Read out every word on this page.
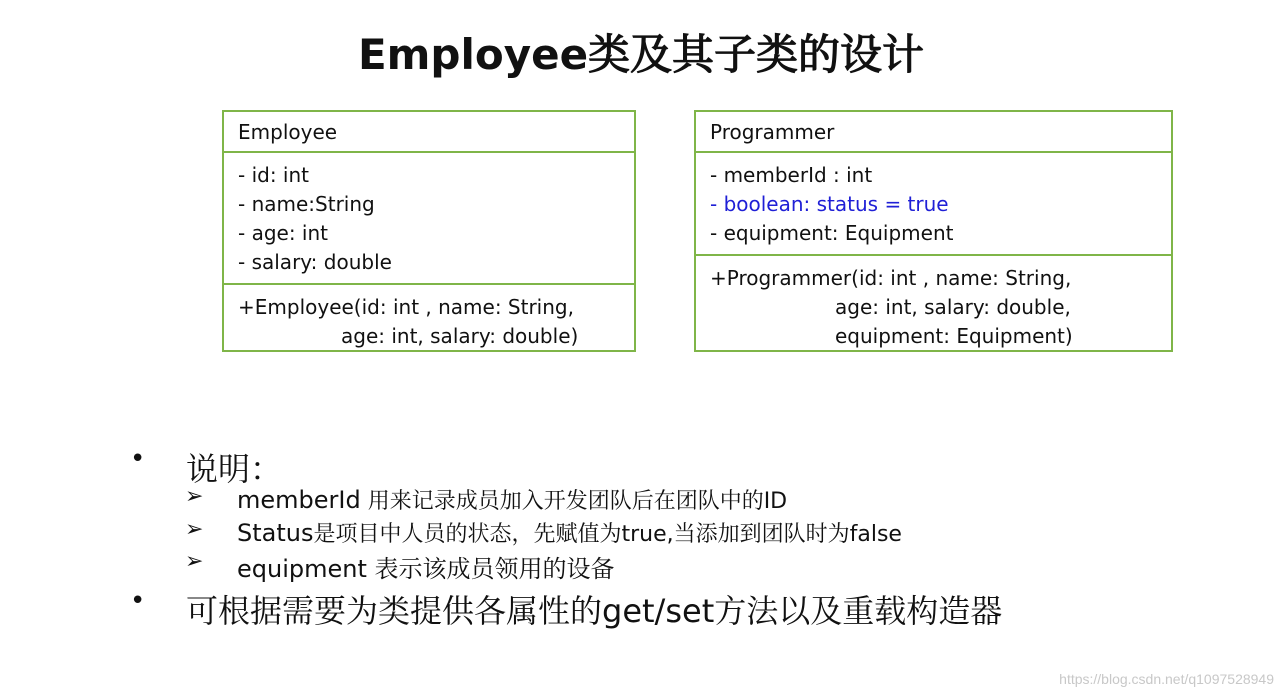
Employee类及其子类的设计
Employee
- id: int
- name:String
- age: int
- salary: double
+Employee(id: int , name: String,
age: int, salary: double)
Programmer
- memberId : int
- boolean: status = true
- equipment: Equipment
+Programmer(id: int , name: String,
age: int, salary: double,
equipment: Equipment)
• 说明：
➢ memberId 用来记录成员加入开发团队后在团队中的ID
➢ Status是项目中人员的状态，先赋值为true,当添加到团队时为false
➢ equipment 表示该成员领用的设备
• 可根据需要为类提供各属性的get/set方法以及重载构造器
https://blog.csdn.net/q1097528949
